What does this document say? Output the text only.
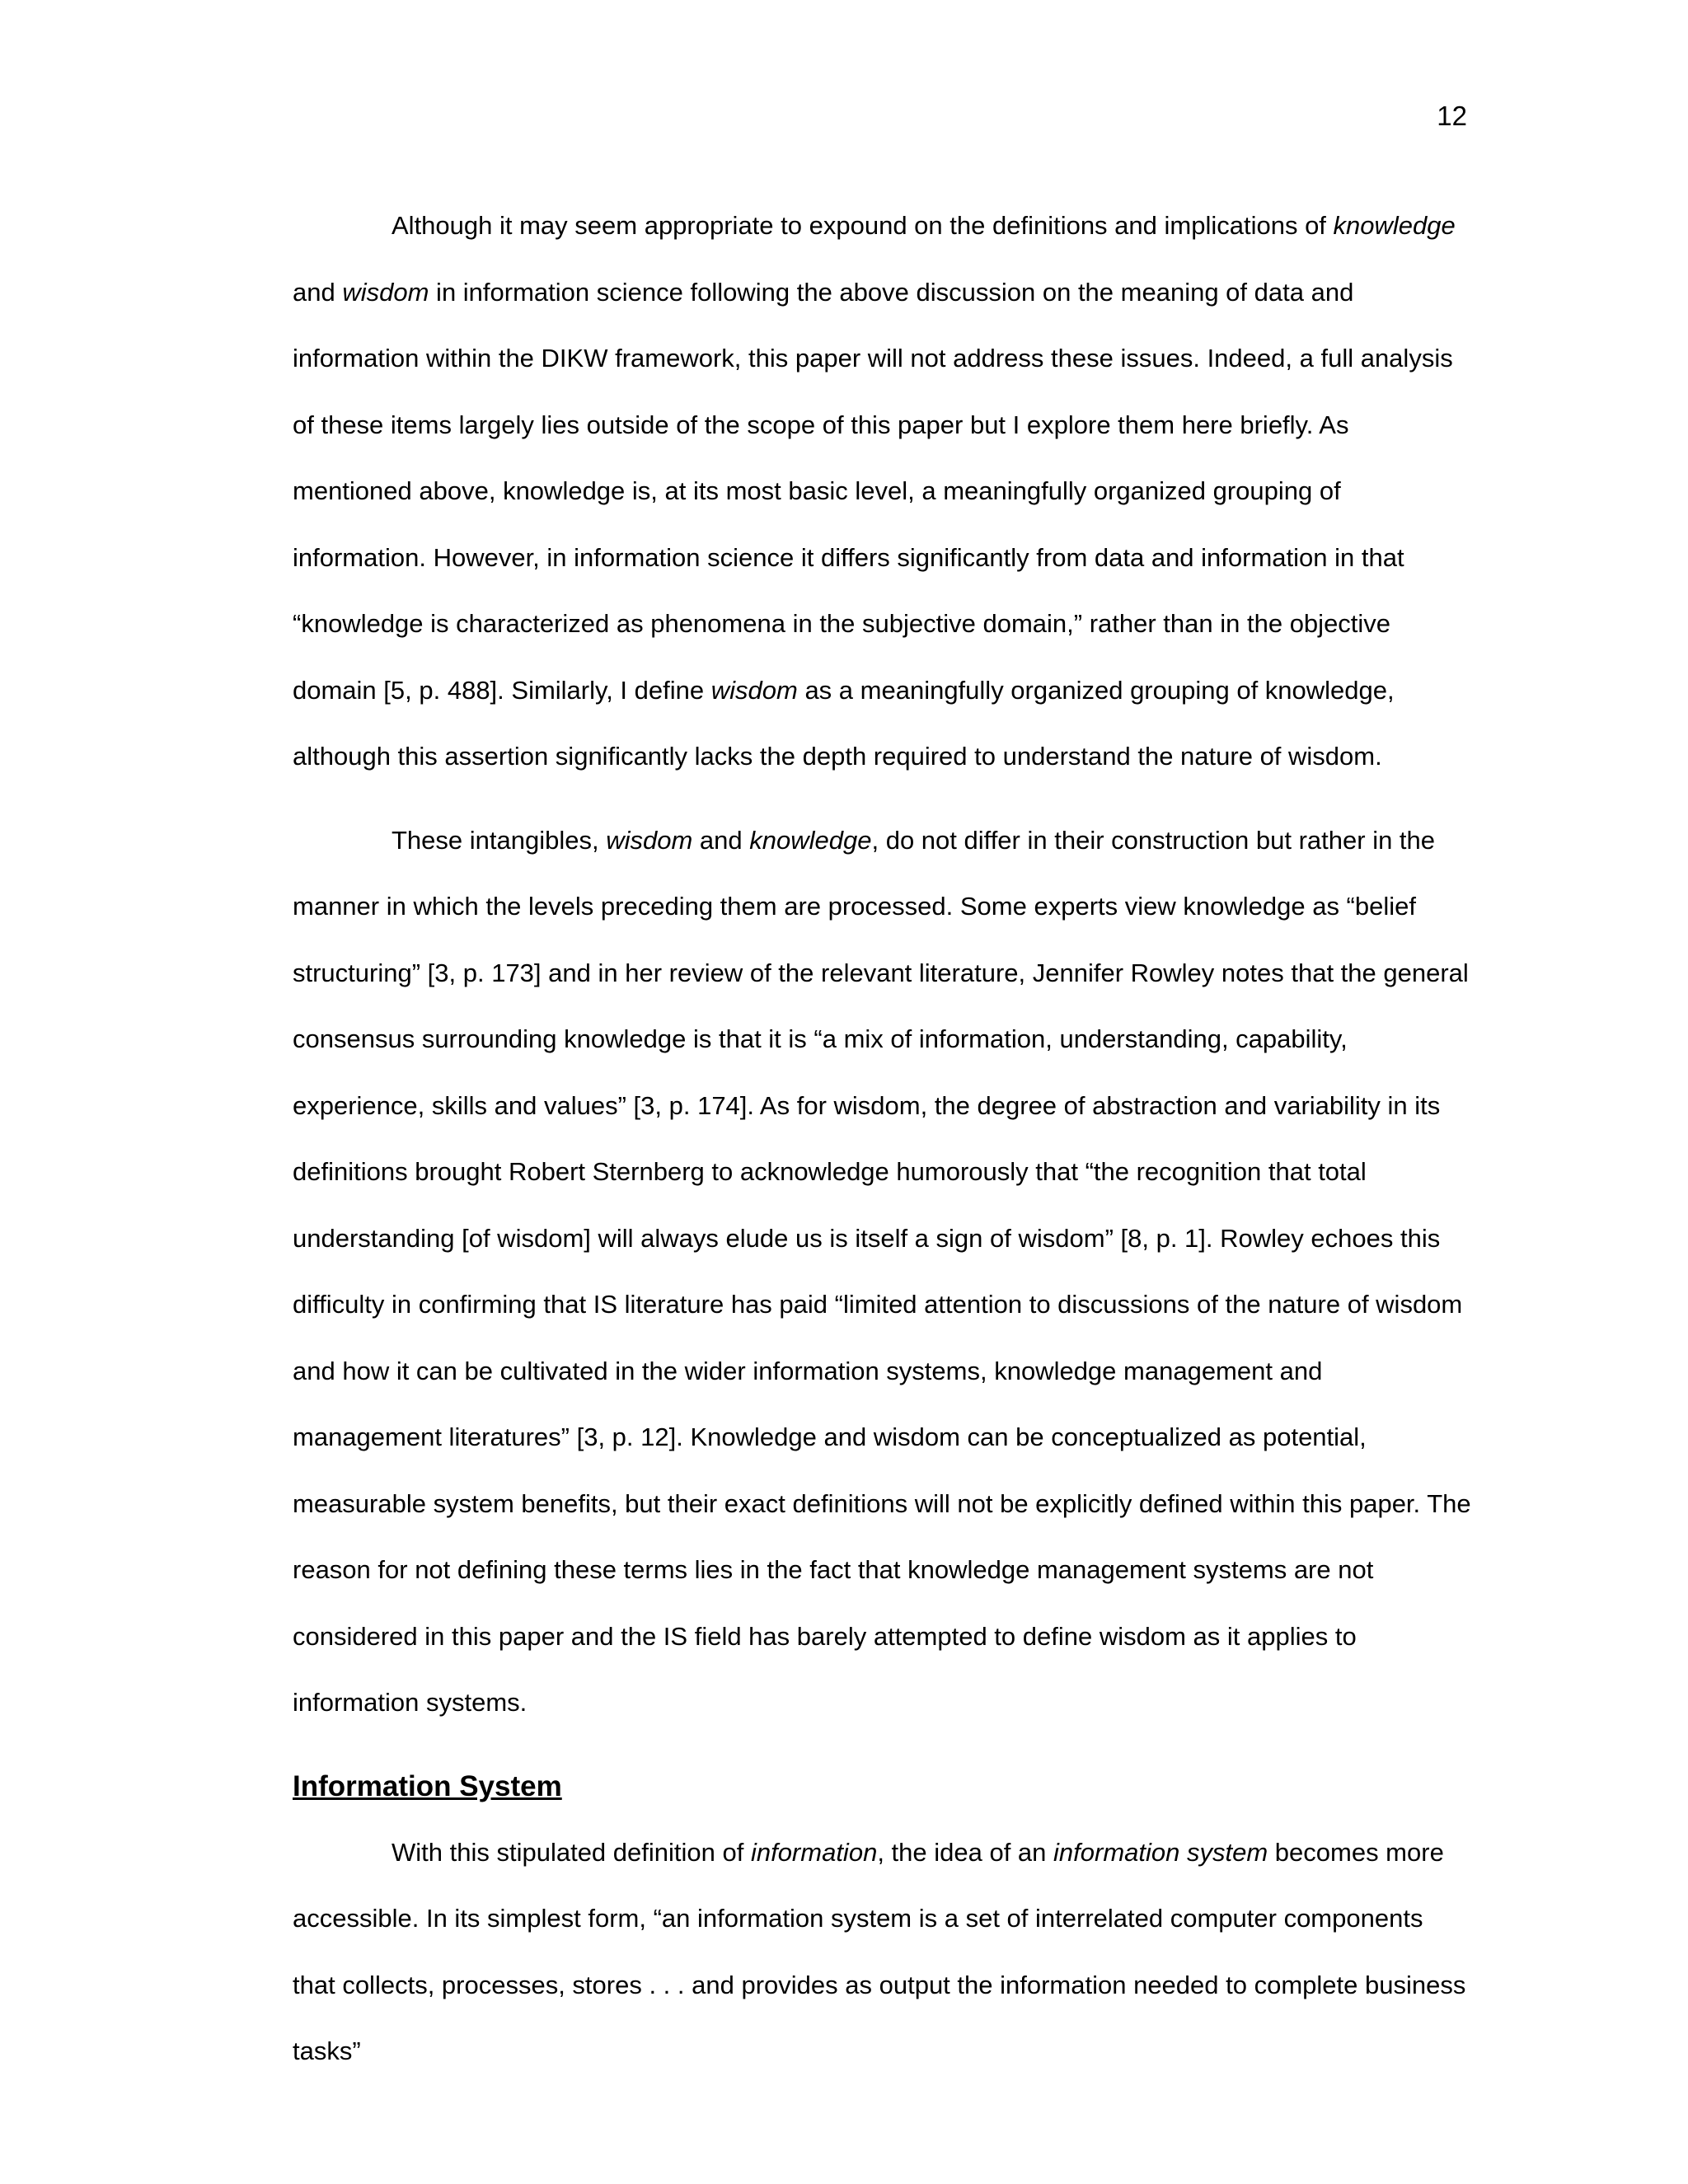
12

Although it may seem appropriate to expound on the definitions and implications of knowledge and wisdom in information science following the above discussion on the meaning of data and information within the DIKW framework, this paper will not address these issues. Indeed, a full analysis of these items largely lies outside of the scope of this paper but I explore them here briefly. As mentioned above, knowledge is, at its most basic level, a meaningfully organized grouping of information. However, in information science it differs significantly from data and information in that “knowledge is characterized as phenomena in the subjective domain,” rather than in the objective domain [5, p. 488]. Similarly, I define wisdom as a meaningfully organized grouping of knowledge, although this assertion significantly lacks the depth required to understand the nature of wisdom.

These intangibles, wisdom and knowledge, do not differ in their construction but rather in the manner in which the levels preceding them are processed. Some experts view knowledge as “belief structuring” [3, p. 173] and in her review of the relevant literature, Jennifer Rowley notes that the general consensus surrounding knowledge is that it is “a mix of information, understanding, capability, experience, skills and values” [3, p. 174]. As for wisdom, the degree of abstraction and variability in its definitions brought Robert Sternberg to acknowledge humorously that “the recognition that total understanding [of wisdom] will always elude us is itself a sign of wisdom” [8, p. 1]. Rowley echoes this difficulty in confirming that IS literature has paid “limited attention to discussions of the nature of wisdom and how it can be cultivated in the wider information systems, knowledge management and management literatures” [3, p. 12]. Knowledge and wisdom can be conceptualized as potential, measurable system benefits, but their exact definitions will not be explicitly defined within this paper. The reason for not defining these terms lies in the fact that knowledge management systems are not considered in this paper and the IS field has barely attempted to define wisdom as it applies to information systems.

Information System

With this stipulated definition of information, the idea of an information system becomes more accessible. In its simplest form, “an information system is a set of interrelated computer components that collects, processes, stores . . . and provides as output the information needed to complete business tasks”
